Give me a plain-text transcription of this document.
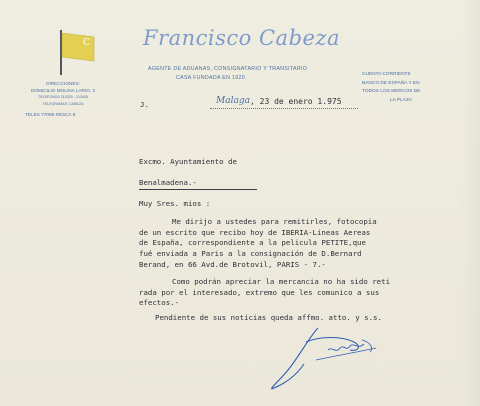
C	Francisco Cabeza
AGENTE DE ADUANAS, CONSIGNATARIO Y TRANSITARIO
CASA FUNDADA EN 1920
DIRECCIONES:
DOMICILIO MOLINA LARIO, 3
TELEFONOS 213329 - 213405
TELEGRAMAS: CABEZA
TELEX 77089 RESCA E
CUENTA CORRIENTE
BANCO DE ESPAÑA Y EN
TODOS LOS MERCOS DE
LA PLAZA
J.	Malaga , 23 de enero 1.975
Excmo. Ayuntamiento de
Benalmadena.-
Muy Sres. mios :
Me dirijo a ustedes para remitirles, fotocopia
de un escrito que recibo hoy de IBERIA-Lineas Aereas
de España, correspondiente a la pelicula PETITE,que
fué enviada a Paris a la consignación de D.Bernard
Berand, en 66 Avd.de Brotovil, PARIS - 7.-
Como podrán apreciar la mercancia no ha sido reti
rada por el interesado, extremo que les comunico a sus
efectos.-
Pendiente de sus noticias queda affmo. atto. y s.s.
